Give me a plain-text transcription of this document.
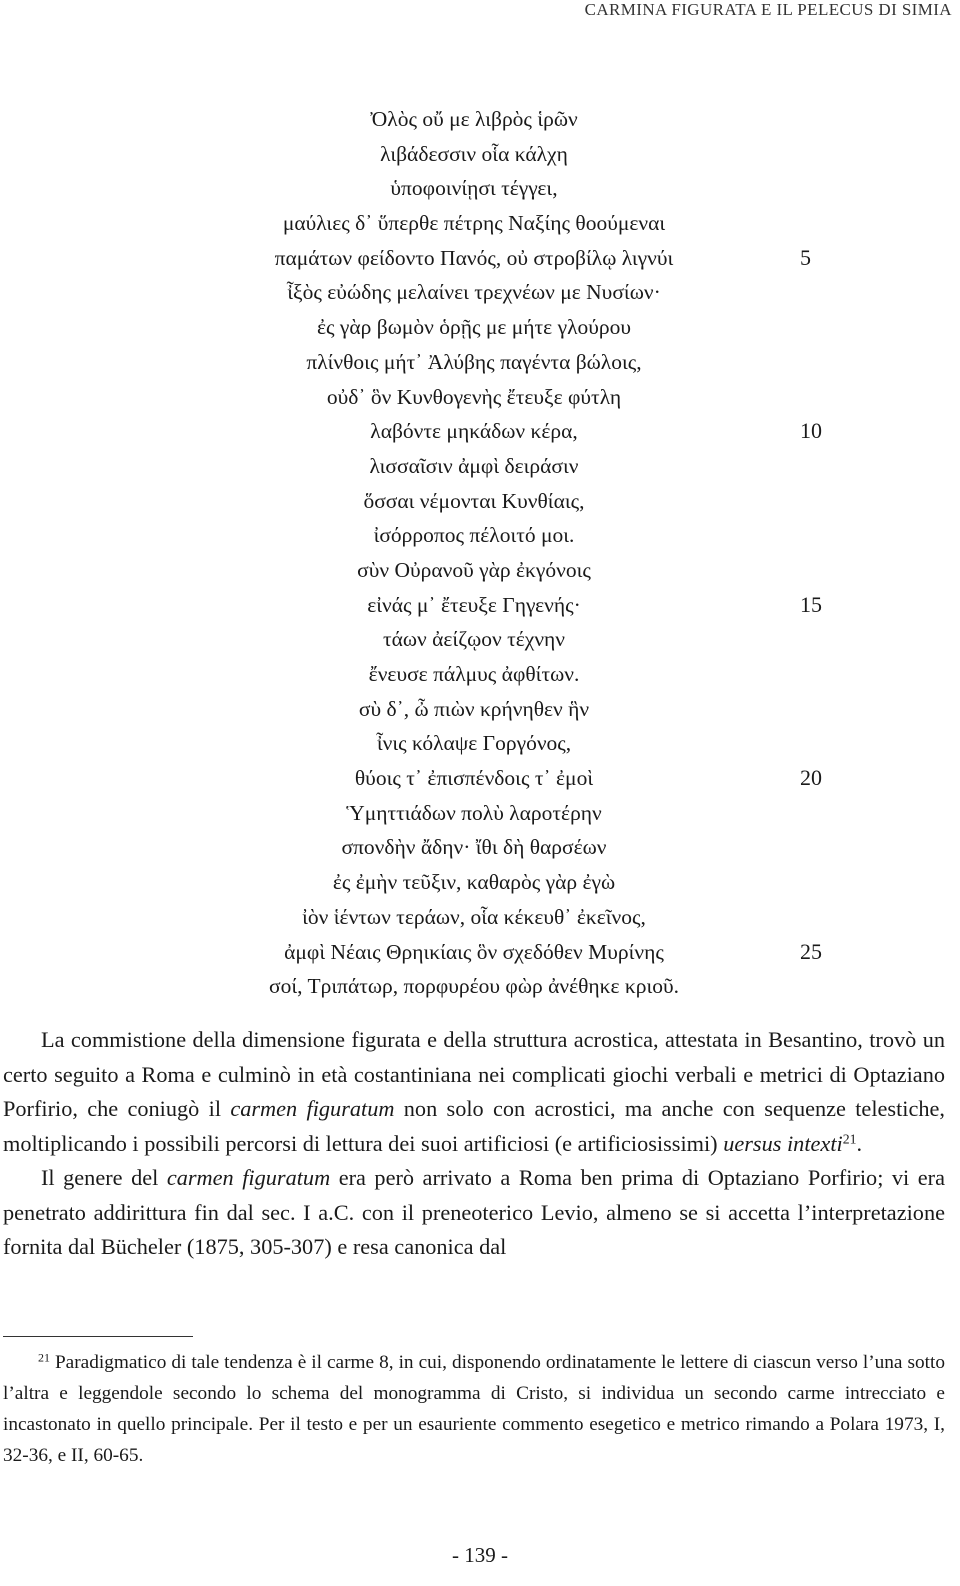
CARMINA FIGURATA E IL PELECUS DI SIMIA
Ὀλὸς οὔ με λιβρὸς ἱρῶν
λιβάδεσσιν οἷα κάλχη
ὑποφοινίῃσι τέγγει,
μαύλιες δ᾽ ὕπερθε πέτρης Ναξίης θοούμεναι
παμάτων φείδοντο Πανός, οὐ στροβίλῳ λιγνύι	5
ἶξὸς εὐώδης μελαίνει τρεχνέων με Νυσίων·
ἐς γὰρ βωμὸν ὁρῇς με μήτε γλούρου
πλίνθοις μήτ᾽ Ἀλύβης παγέντα βώλοις,
οὐδ᾽ ὃν Κυνθογενὴς ἔτευξε φύτλη
λαβόντε μηκάδων κέρα,	10
λισσαῖσιν ἀμφὶ δειράσιν
ὅσσαι νέμονται Κυνθίαις,
ἰσόρροπος πέλοιτό μοι.
σὺν Οὐρανοῦ γὰρ ἐκγόνοις
εἰνάς μ᾽ ἔτευξε Γηγενής·	15
τάων ἀείζῳον τέχνην
ἔνευσε πάλμυς ἀφθίτων.
σὺ δ᾽, ὦ πιὼν κρήνηθεν ἣν
ἶνις κόλαψε Γοργόνος,
θύοις τ᾽ ἐπισπένδοις τ᾽ ἐμοὶ	20
Ὑμηττιάδων πολὺ λαροτέρην
σπονδὴν ἄδην· ἴθι δὴ θαρσέων
ἐς ἐμὴν τεῦξιν, καθαρὸς γὰρ ἐγὼ
ἰὸν ἱέντων τεράων, οἷα κέκευθ᾽ ἐκεῖνος,
ἀμφὶ Νέαις Θρηικίαις ὃν σχεδόθεν Μυρίνης	25
σοί, Τριπάτωρ, πορφυρέου φὼρ ἀνέθηκε κριοῦ.

La commistione della dimensione figurata e della struttura acrostica, attestata in Besantino, trovò un certo seguito a Roma e culminò in età costantiniana nei complicati giochi verbali e metrici di Optaziano Porfirio, che coniugò il carmen figuratum non solo con acrostici, ma anche con sequenze telestiche, moltiplicando i possibili percorsi di lettura dei suoi artificiosi (e artificiosissimi) uersus intexti$^{21}$.

Il genere del carmen figuratum era però arrivato a Roma ben prima di Optaziano Porfirio; vi era penetrato addirittura fin dal sec. I a.C. con il preneoterico Levio, almeno se si accetta l’interpretazione fornita dal Bücheler (1875, 305-307) e resa canonica dal

$^{21}$ Paradigmatico di tale tendenza è il carme 8, in cui, disponendo ordinatamente le lettere di ciascun verso l’una sotto l’altra e leggendole secondo lo schema del monogramma di Cristo, si individua un secondo carme intrecciato e incastonato in quello principale. Per il testo e per un esauriente commento esegetico e metrico rimando a Polara 1973, I, 32-36, e II, 60-65.

- 139 -
